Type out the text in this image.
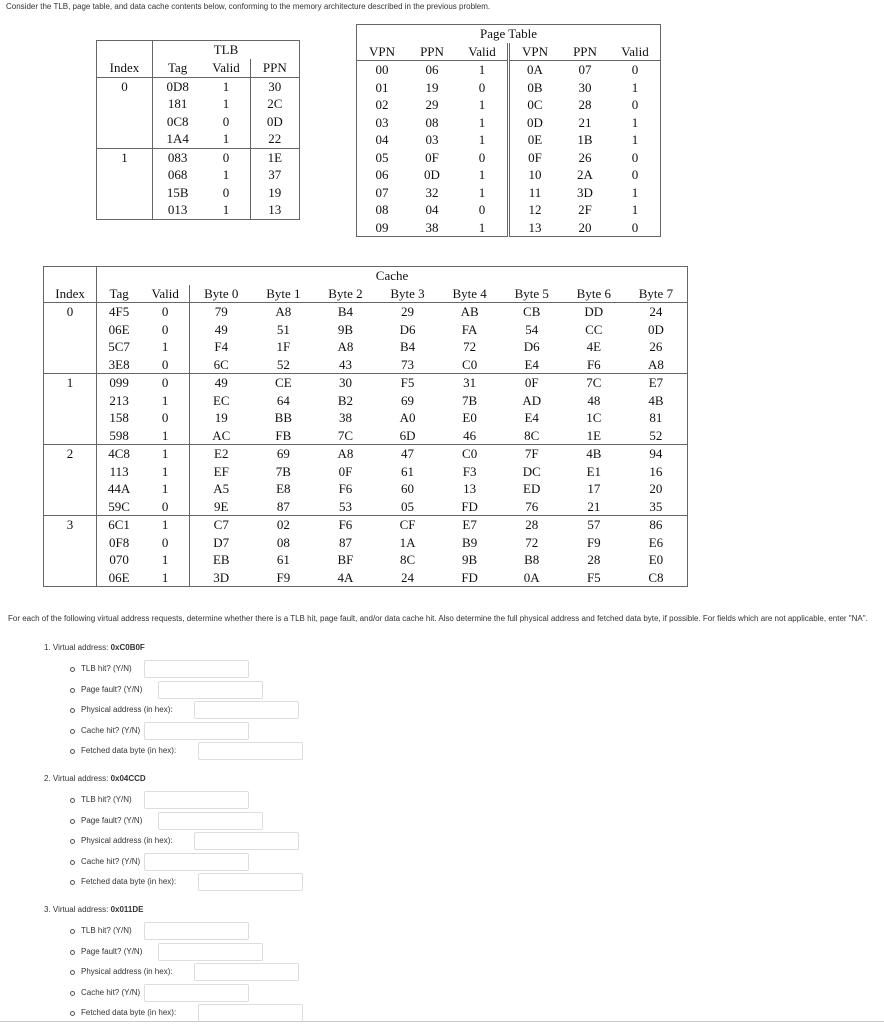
Consider the TLB, page table, and data cache contents below, conforming to the memory architecture described in the previous problem.
	TLB		
Index	Tag	Valid	PPN
0	0D8	1	30
	181	1	2C
	0C8	0	0D
	1A4	1	22
1	083	0	1E
	068	1	37
	15B	0	19
	013	1	13
Page Table					
VPN	PPN	Valid	VPN	PPN	Valid
00	06	1	0A	07	0
01	19	0	0B	30	1
02	29	1	0C	28	0
03	08	1	0D	21	1
04	03	1	0E	1B	1
05	0F	0	0F	26	0
06	0D	1	10	2A	0
07	32	1	11	3D	1
08	04	0	12	2F	1
09	38	1	13	20	0
	Cache									
Index	Tag	Valid	Byte 0	Byte 1	Byte 2	Byte 3	Byte 4	Byte 5	Byte 6	Byte 7
0	4F5	0	79	A8	B4	29	AB	CB	DD	24
	06E	0	49	51	9B	D6	FA	54	CC	0D
	5C7	1	F4	1F	A8	B4	72	D6	4E	26
	3E8	0	6C	52	43	73	C0	E4	F6	A8
1	099	0	49	CE	30	F5	31	0F	7C	E7
	213	1	EC	64	B2	69	7B	AD	48	4B
	158	0	19	BB	38	A0	E0	E4	1C	81
	598	1	AC	FB	7C	6D	46	8C	1E	52
2	4C8	1	E2	69	A8	47	C0	7F	4B	94
	113	1	EF	7B	0F	61	F3	DC	E1	16
	44A	1	A5	E8	F6	60	13	ED	17	20
	59C	0	9E	87	53	05	FD	76	21	35
3	6C1	1	C7	02	F6	CF	E7	28	57	86
	0F8	0	D7	08	87	1A	B9	72	F9	E6
	070	1	EB	61	BF	8C	9B	B8	28	E0
	06E	1	3D	F9	4A	24	FD	0A	F5	C8
For each of the following virtual address requests, determine whether there is a TLB hit, page fault, and/or data cache hit. Also determine the full physical address and fetched data byte, if possible. For fields which are not applicable, enter "NA".
1. Virtual address: 0xC0B0F
TLB hit? (Y/N)
Page fault? (Y/N)
Physical address (in hex):
Cache hit? (Y/N)
Fetched data byte (in hex):
2. Virtual address: 0x04CCD
TLB hit? (Y/N)
Page fault? (Y/N)
Physical address (in hex):
Cache hit? (Y/N)
Fetched data byte (in hex):
3. Virtual address: 0x011DE
TLB hit? (Y/N)
Page fault? (Y/N)
Physical address (in hex):
Cache hit? (Y/N)
Fetched data byte (in hex):
